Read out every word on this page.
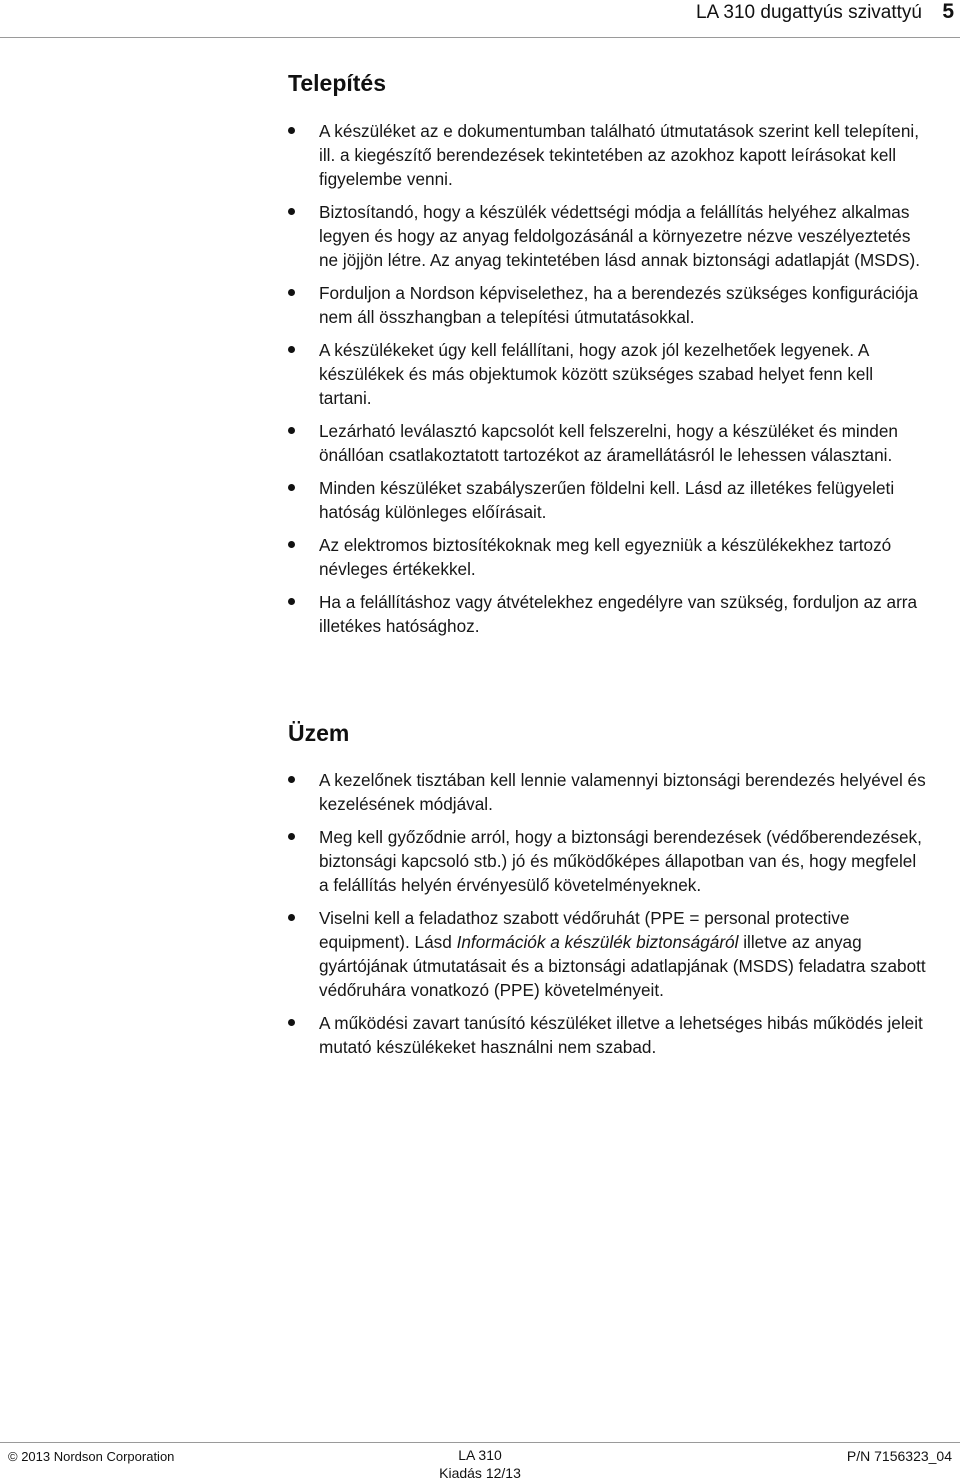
LA 310 dugattyús szivattyú 5
Telepítés
A készüléket az e dokumentumban található útmutatások szerint kell telepíteni, ill. a kiegészítő berendezések tekintetében az azokhoz kapott leírásokat kell figyelembe venni.
Biztosítandó, hogy a készülék védettségi módja a felállítás helyéhez alkalmas legyen és hogy az anyag feldolgozásánál a környezetre nézve veszélyeztetés ne jöjjön létre. Az anyag tekintetében lásd annak biztonsági adatlapját (MSDS).
Forduljon a Nordson képviselethez, ha a berendezés szükséges konfigurációja nem áll összhangban a telepítési útmutatásokkal.
A készülékeket úgy kell felállítani, hogy azok jól kezelhetőek legyenek. A készülékek és más objektumok között szükséges szabad helyet fenn kell tartani.
Lezárható leválasztó kapcsolót kell felszerelni, hogy a készüléket és minden önállóan csatlakoztatott tartozékot az áramellátásról le lehessen választani.
Minden készüléket szabályszerűen földelni kell. Lásd az illetékes felügyeleti hatóság különleges előírásait.
Az elektromos biztosítékoknak meg kell egyezniük a készülékekhez tartozó névleges értékekkel.
Ha a felállításhoz vagy átvételekhez engedélyre van szükség, forduljon az arra illetékes hatósághoz.
Üzem
A kezelőnek tisztában kell lennie valamennyi biztonsági berendezés helyével és kezelésének módjával.
Meg kell győződnie arról, hogy a biztonsági berendezések (védőberendezések, biztonsági kapcsoló stb.) jó és működőképes állapotban van és, hogy megfelel a felállítás helyén érvényesülő követelményeknek.
Viselni kell a feladathoz szabott védőruhát (PPE = personal protective equipment). Lásd Információk a készülék biztonságáról illetve az anyag gyártójának útmutatásait és a biztonsági adatlapjának (MSDS) feladatra szabott védőruhára vonatkozó (PPE) követelményeit.
A működési zavart tanúsító készüléket illetve a lehetséges hibás működés jeleit mutató készülékeket használni nem szabad.
© 2013 Nordson Corporation	LA 310
Kiadás 12/13
P/N 7156323_04
